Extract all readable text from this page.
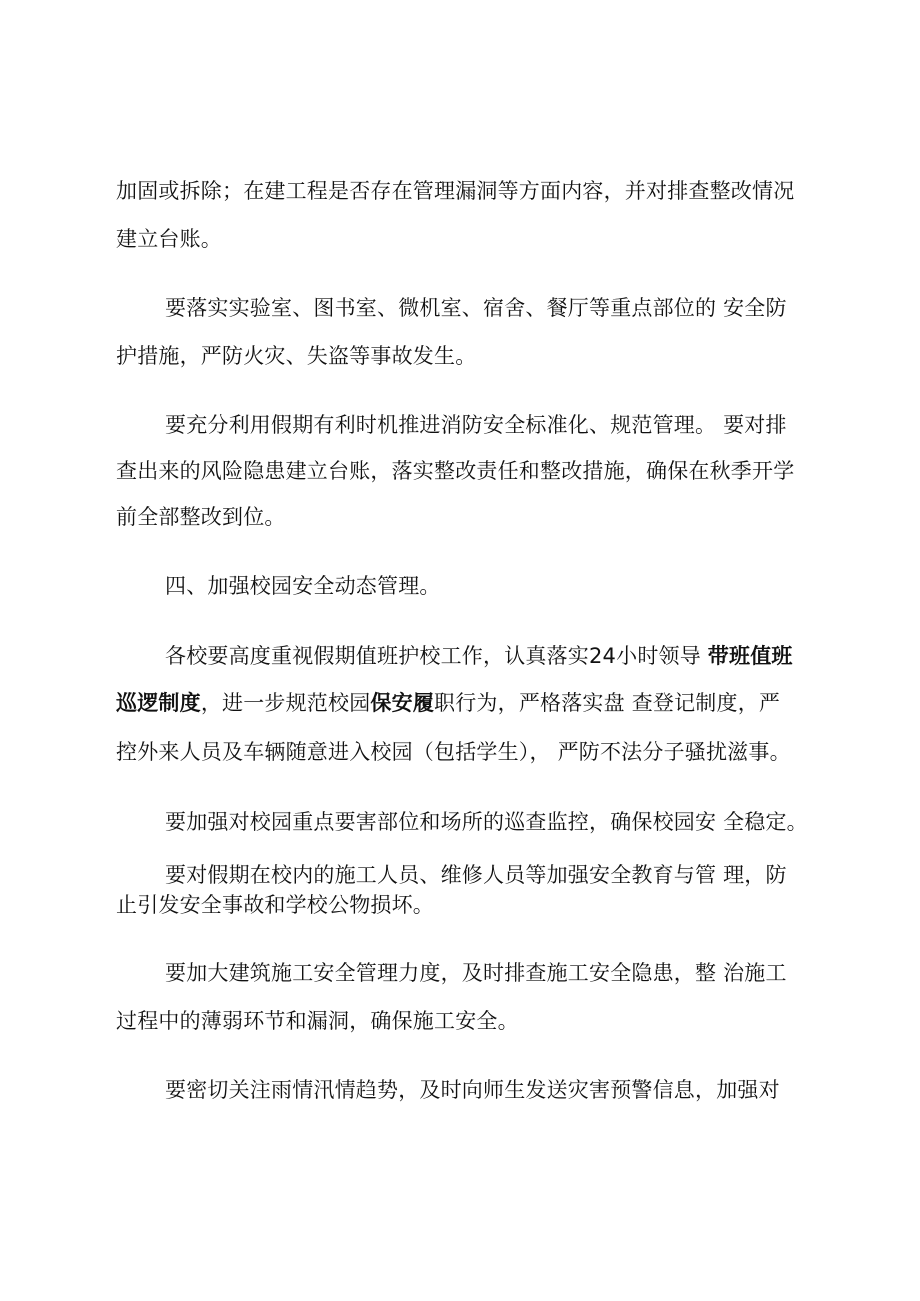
加固或拆除；在建工程是否存在管理漏洞等方面内容，并对排查整改情况
建立台账。
要落实实验室、图书室、微机室、宿舍、餐厅等重点部位的 安全防
护措施，严防火灾、失盗等事故发生。
要充分利用假期有利时机推进消防安全标准化、规范管理。 要对排
查出来的风险隐患建立台账，落实整改责任和整改措施，确保在秋季开学
前全部整改到位。
四、加强校园安全动态管理。
各校要高度重视假期值班护校工作，认真落实24小时领导 带班值班
巡逻制度，进一步规范校园保安履职行为，严格落实盘 查登记制度，严
控外来人员及车辆随意进入校园（包括学生）， 严防不法分子骚扰滋事。
要加强对校园重点要害部位和场所的巡查监控，确保校园安 全稳定。
要对假期在校内的施工人员、维修人员等加强安全教育与管 理，防
止引发安全事故和学校公物损坏。
要加大建筑施工安全管理力度，及时排查施工安全隐患，整 治施工
过程中的薄弱环节和漏洞，确保施工安全。
要密切关注雨情汛情趋势，及时向师生发送灾害预警信息，加强对
